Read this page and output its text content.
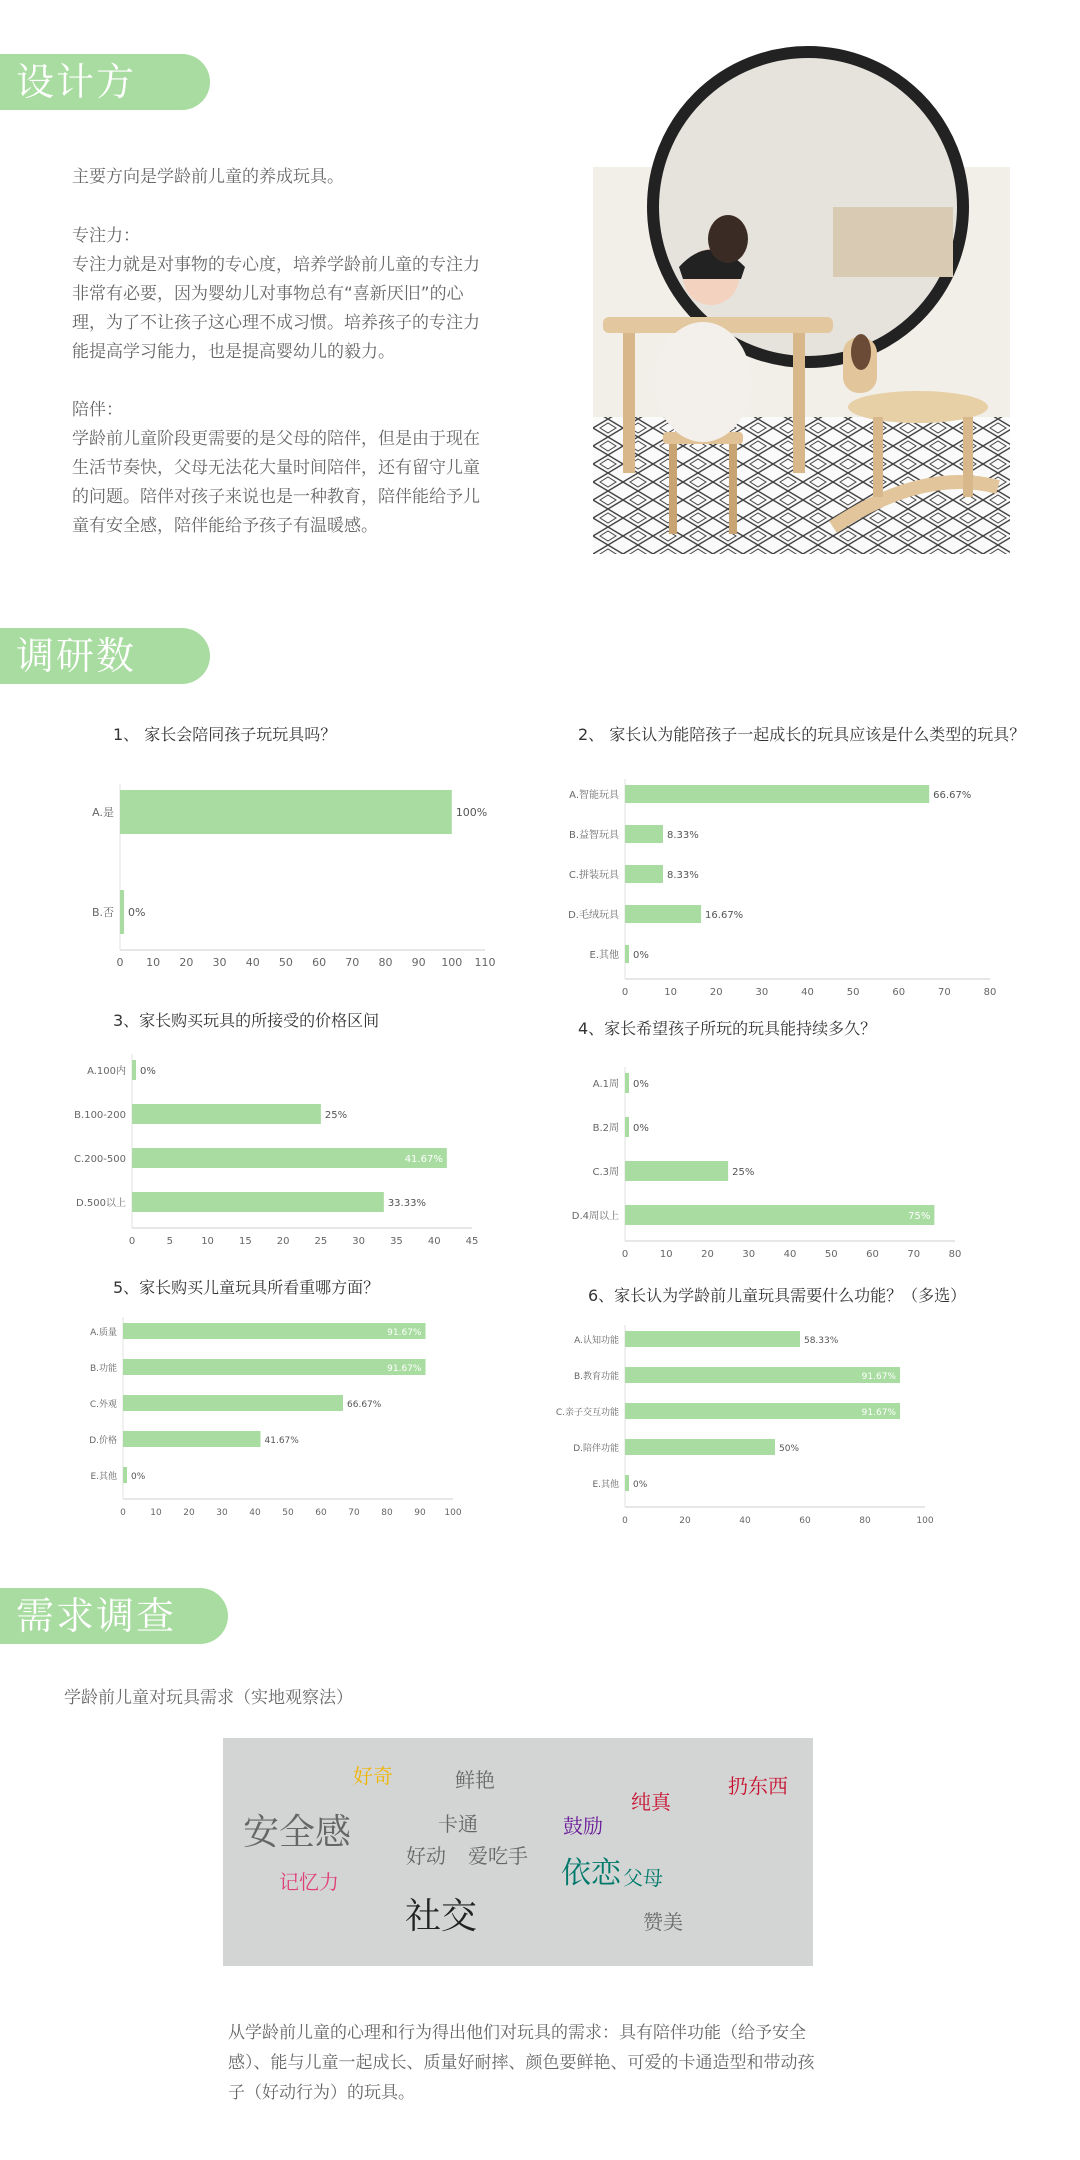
设计方向
主要方向是学龄前儿童的养成玩具。
专注力：
专注力就是对事物的专心度，培养学龄前儿童的专注力非常有必要，因为婴幼儿对事物总有“喜新厌旧”的心理，为了不让孩子这心理不成习惯。培养孩子的专注力能提高学习能力，也是提高婴幼儿的毅力。
陪伴：
学龄前儿童阶段更需要的是父母的陪伴，但是由于现在生活节奏快，父母无法花大量时间陪伴，还有留守儿童的问题。陪伴对孩子来说也是一种教育，陪伴能给予儿童有安全感，陪伴能给予孩子有温暖感。
调研数据
1、 家长会陪同孩子玩玩具吗？	2、 家长认为能陪孩子一起成长的玩具应该是什么类型的玩具？
3、家长购买玩具的所接受的价格区间	4、家长希望孩子所玩的玩具能持续多久？
5、家长购买儿童玩具所看重哪方面？	6、家长认为学龄前儿童玩具需要什么功能？（多选）
0 10 20 30 40 50 60 70 80 90 100 110
A.是	100%
B.否 0%
0	10	20	30	40	50	60	70	80
A.智能玩具	66.67%
B.益智玩具	8.33%
C.拼装玩具	8.33%
D.毛绒玩具	16.67%
E.其他 0%
0	5	10	15	20	25	30	35	40	45
A.100内 0%
B.100-200	25%
C.200-500	41.67%
D.500以上	33.33%
0	10	20	30	40	50	60	70	80
A.1周 0%
B.2周 0%
C.3周	25%
D.4周以上	75%
0	10 20 30 40 50 60 70 80 90 100
A.质量	91.67%
B.功能	91.67%
C.外观	66.67%
D.价格	41.67%
E.其他 0%
0	20	40	60	80	100
A.认知功能	58.33%
B.教育功能	91.67%
C.亲子交互功能	91.67%
D.陪伴功能	50%
E.其他 0%
需求调查
学龄前儿童对玩具需求（实地观察法）
好奇	鲜艳	扔东西
纯真
安全感	卡通	鼓励
好动 爱吃手 依恋 父母
记忆力
社交	赞美
从学龄前儿童的心理和行为得出他们对玩具的需求：具有陪伴功能（给予安全感）、能与儿童一起成长、质量好耐摔、颜色要鲜艳、可爱的卡通造型和带动孩子（好动行为）的玩具。
